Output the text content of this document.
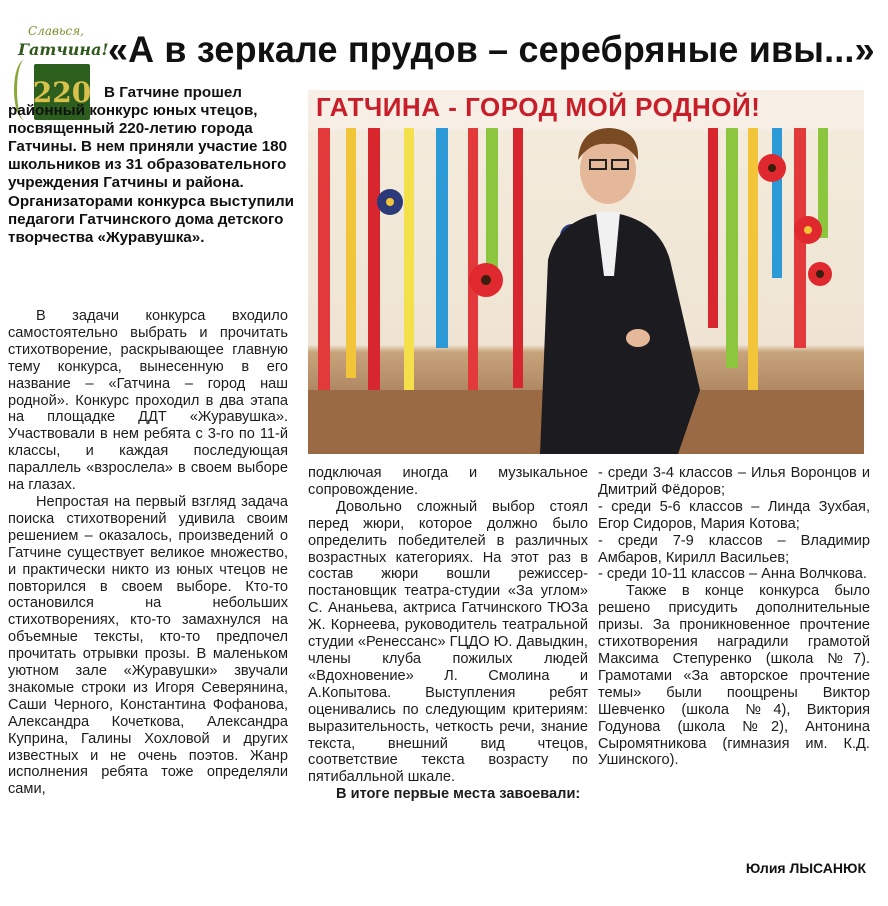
Славься,
Гатчина!
220
«А в зеркале прудов – серебряные ивы...»

В Гатчине прошел районный конкурс юных чтецов, посвященный 220-летию города Гатчины. В нем приняли участие 180 школьников из 31 образовательного учреждения Гатчины и района. Организаторами конкурса выступили педагоги Гатчинского дома детского творчества «Журавушка».

В задачи конкурса входило самостоятельно выбрать и прочитать стихотворение, раскрывающее главную тему конкурса, вынесенную в его название – «Гатчина – город наш родной». Конкурс проходил в два этапа на площадке ДДТ «Журавушка». Участвовали в нем ребята с 3-го по 11-й классы, и каждая последующая параллель «взрослела» в своем выборе на глазах.

Непростая на первый взгляд задача поиска стихотворений удивила своим решением – оказалось, произведений о Гатчине существует великое множество, и практически никто из юных чтецов не повторился в своем выборе. Кто-то остановился на небольших стихотворениях, кто-то замахнулся на объемные тексты, кто-то предпочел прочитать отрывки прозы. В маленьком уютном зале «Журавушки» звучали знакомые строки из Игоря Северянина, Саши Черного, Константина Фофанова, Александра Кочеткова, Александра Куприна, Галины Хохловой и других известных и не очень поэтов. Жанр исполнения ребята тоже определяли сами,

ГАТЧИНА - ГОРОД МОЙ РОДНОЙ!

подключая иногда и музыкальное сопровождение.

Довольно сложный выбор стоял перед жюри, которое должно было определить победителей в различных возрастных категориях. На этот раз в состав жюри вошли режиссер-постановщик театра-студии «За углом» С. Ананьева, актриса Гатчинского ТЮЗа Ж. Корнеева, руководитель театральной студии «Ренессанс» ГЦДО Ю. Давыдкин, члены клуба пожилых людей «Вдохновение» Л. Смолина и А.Копытова. Выступления ребят оценивались по следующим критериям: выразительность, четкость речи, знание текста, внешний вид чтецов, соответствие текста возрасту по пятибалльной шкале.

В итоге первые места завоевали:

- среди 3-4 классов – Илья Воронцов и Дмитрий Фёдоров;

- среди 5-6 классов – Линда Зухбая, Егор Сидоров, Мария Котова;

- среди 7-9 классов – Владимир Амбаров, Кирилл Васильев;

- среди 10-11 классов – Анна Волчкова.

Также в конце конкурса было решено присудить дополнительные призы. За проникновенное прочтение стихотворения наградили грамотой Максима Степуренко (школа №7). Грамотами «За авторское прочтение темы» были поощрены Виктор Шевченко (школа №4), Виктория Годунова (школа №2), Антонина Сыромятникова (гимназия им. К.Д. Ушинского).

Юлия ЛЫСАНЮК
